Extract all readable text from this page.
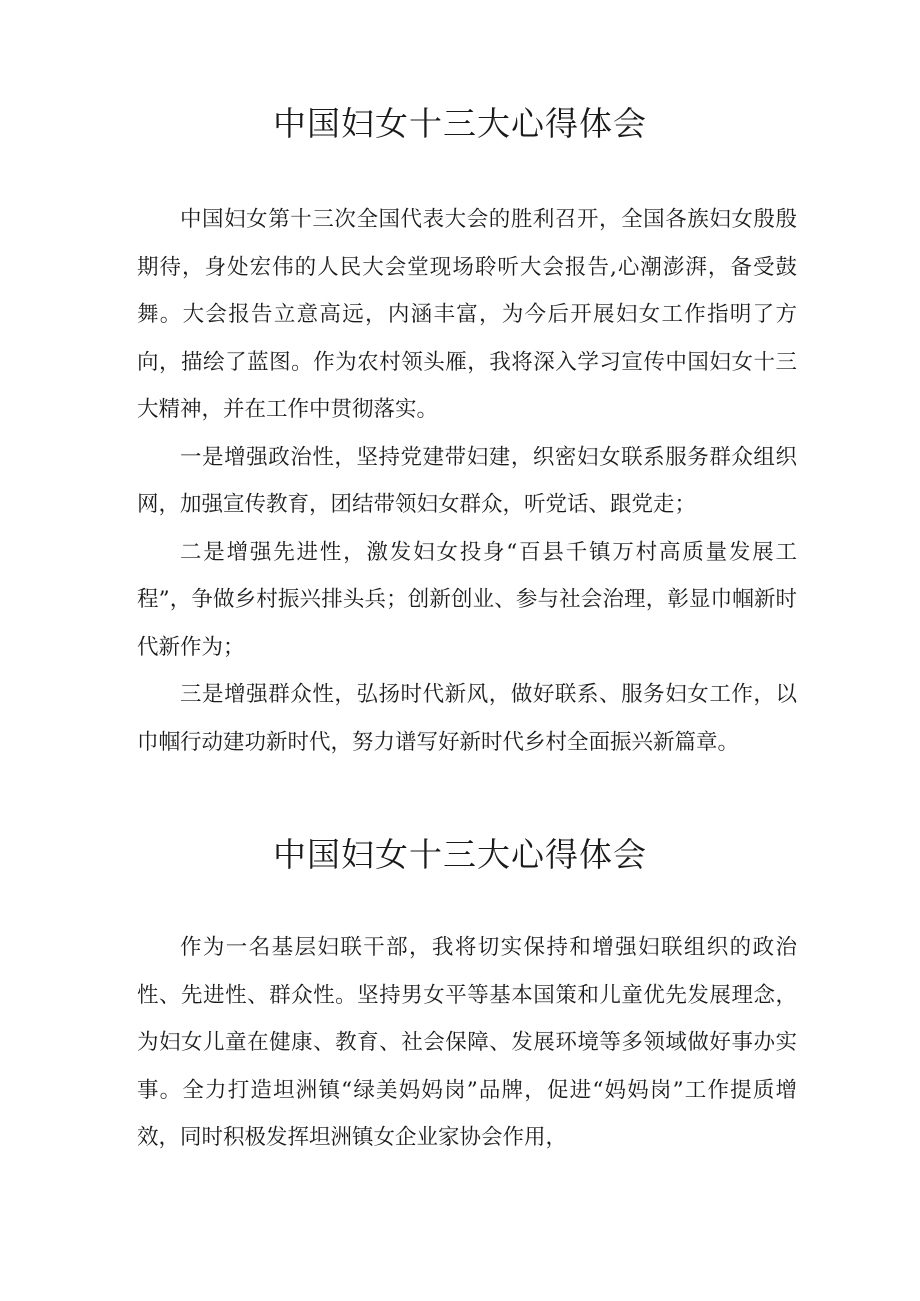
中国妇女十三大心得体会

中国妇女第十三次全国代表大会的胜利召开，全国各族妇女殷殷期待，身处宏伟的人民大会堂现场聆听大会报告,心潮澎湃，备受鼓舞。大会报告立意高远，内涵丰富，为今后开展妇女工作指明了方向，描绘了蓝图。作为农村领头雁，我将深入学习宣传中国妇女十三大精神，并在工作中贯彻落实。

一是增强政治性，坚持党建带妇建，织密妇女联系服务群众组织网，加强宣传教育，团结带领妇女群众，听党话、跟党走；

二是增强先进性，激发妇女投身“百县千镇万村高质量发展工程”，争做乡村振兴排头兵；创新创业、参与社会治理，彰显巾帼新时代新作为；

三是增强群众性，弘扬时代新风，做好联系、服务妇女工作，以巾帼行动建功新时代，努力谱写好新时代乡村全面振兴新篇章。

中国妇女十三大心得体会

作为一名基层妇联干部，我将切实保持和增强妇联组织的政治性、先进性、群众性。坚持男女平等基本国策和儿童优先发展理念，为妇女儿童在健康、教育、社会保障、发展环境等多领域做好事办实事。全力打造坦洲镇“绿美妈妈岗”品牌，促进“妈妈岗”工作提质增效，同时积极发挥坦洲镇女企业家协会作用，
